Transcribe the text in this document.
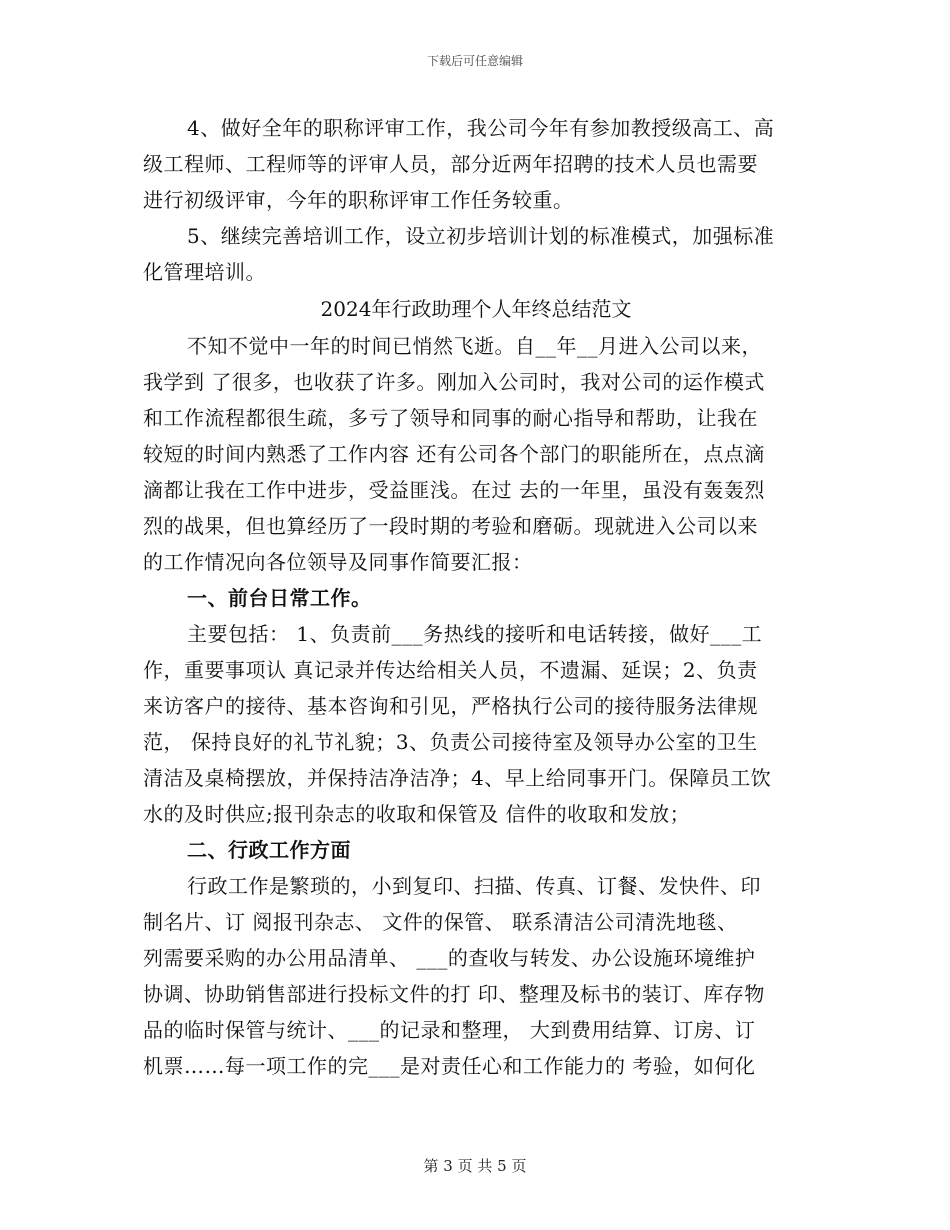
下载后可任意编辑
4、做好全年的职称评审工作，我公司今年有参加教授级高工、高
级工程师、工程师等的评审人员，部分近两年招聘的技术人员也需要
进行初级评审，今年的职称评审工作任务较重。
5、继续完善培训工作，设立初步培训计划的标准模式，加强标准
化管理培训。
2024年行政助理个人年终总结范文
不知不觉中一年的时间已悄然飞逝。自__年__月进入公司以来，
我学到 了很多，也收获了许多。刚加入公司时，我对公司的运作模式
和工作流程都很生疏，多亏了领导和同事的耐心指导和帮助，让我在
较短的时间内熟悉了工作内容 还有公司各个部门的职能所在，点点滴
滴都让我在工作中进步，受益匪浅。在过 去的一年里，虽没有轰轰烈
烈的战果，但也算经历了一段时期的考验和磨砺。现就进入公司以来
的工作情况向各位领导及同事作简要汇报：
一、前台日常工作。
主要包括： 1、负责前___务热线的接听和电话转接，做好___工
作，重要事项认 真记录并传达给相关人员，不遗漏、延误；2、负责
来访客户的接待、基本咨询和引见，严格执行公司的接待服务法律规
范， 保持良好的礼节礼貌；3、负责公司接待室及领导办公室的卫生
清洁及桌椅摆放，并保持洁净洁净；4、早上给同事开门。保障员工饮
水的及时供应;报刊杂志的收取和保管及 信件的收取和发放；
二、行政工作方面
行政工作是繁琐的，小到复印、扫描、传真、订餐、发快件、印
制名片、订 阅报刊杂志、 文件的保管、 联系清洁公司清洗地毯、
列需要采购的办公用品清单、 ___的查收与转发、办公设施环境维护
协调、协助销售部进行投标文件的打 印、整理及标书的装订、库存物
品的临时保管与统计、___的记录和整理， 大到费用结算、订房、订
机票……每一项工作的完___是对责任心和工作能力的 考验，如何化
第 3 页 共 5 页
